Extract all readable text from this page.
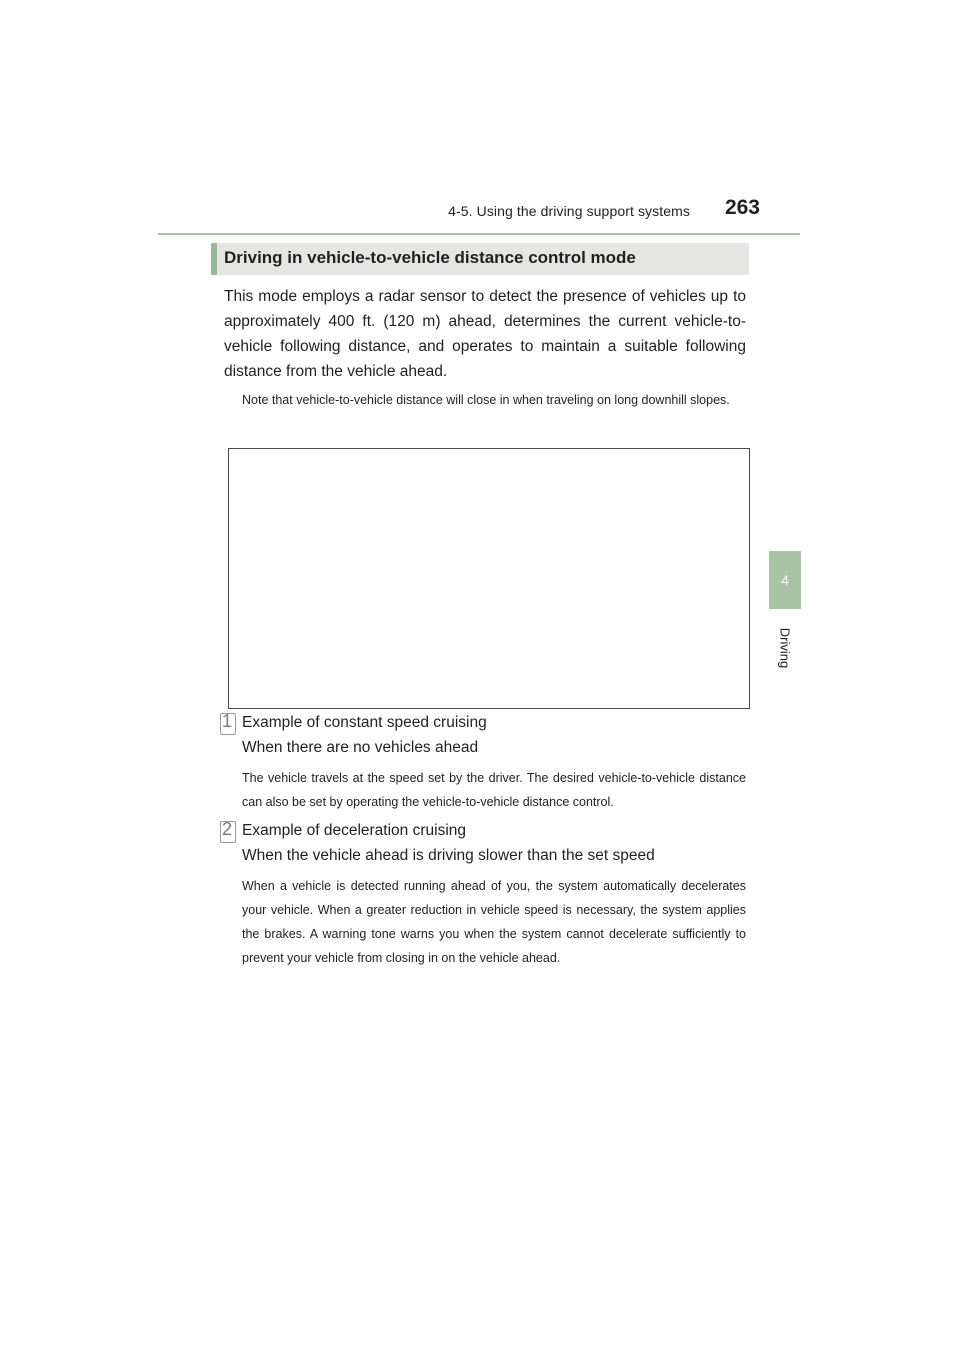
4-5. Using the driving support systems	263
4
Driving
Driving in vehicle-to-vehicle distance control mode
This mode employs a radar sensor to detect the presence of vehicles up to approximately 400 ft. (120 m) ahead, determines the current vehicle-to-vehicle following distance, and operates to maintain a suitable following distance from the vehicle ahead.
Note that vehicle-to-vehicle distance will close in when traveling on long downhill slopes.
1 Example of constant speed cruising
When there are no vehicles ahead
The vehicle travels at the speed set by the driver. The desired vehicle-to-vehicle distance can also be set by operating the vehicle-to-vehicle distance control.
2 Example of deceleration cruising
When the vehicle ahead is driving slower than the set speed
When a vehicle is detected running ahead of you, the system automatically decelerates your vehicle. When a greater reduction in vehicle speed is necessary, the system applies the brakes. A warning tone warns you when the system cannot decelerate sufficiently to prevent your vehicle from closing in on the vehicle ahead.
